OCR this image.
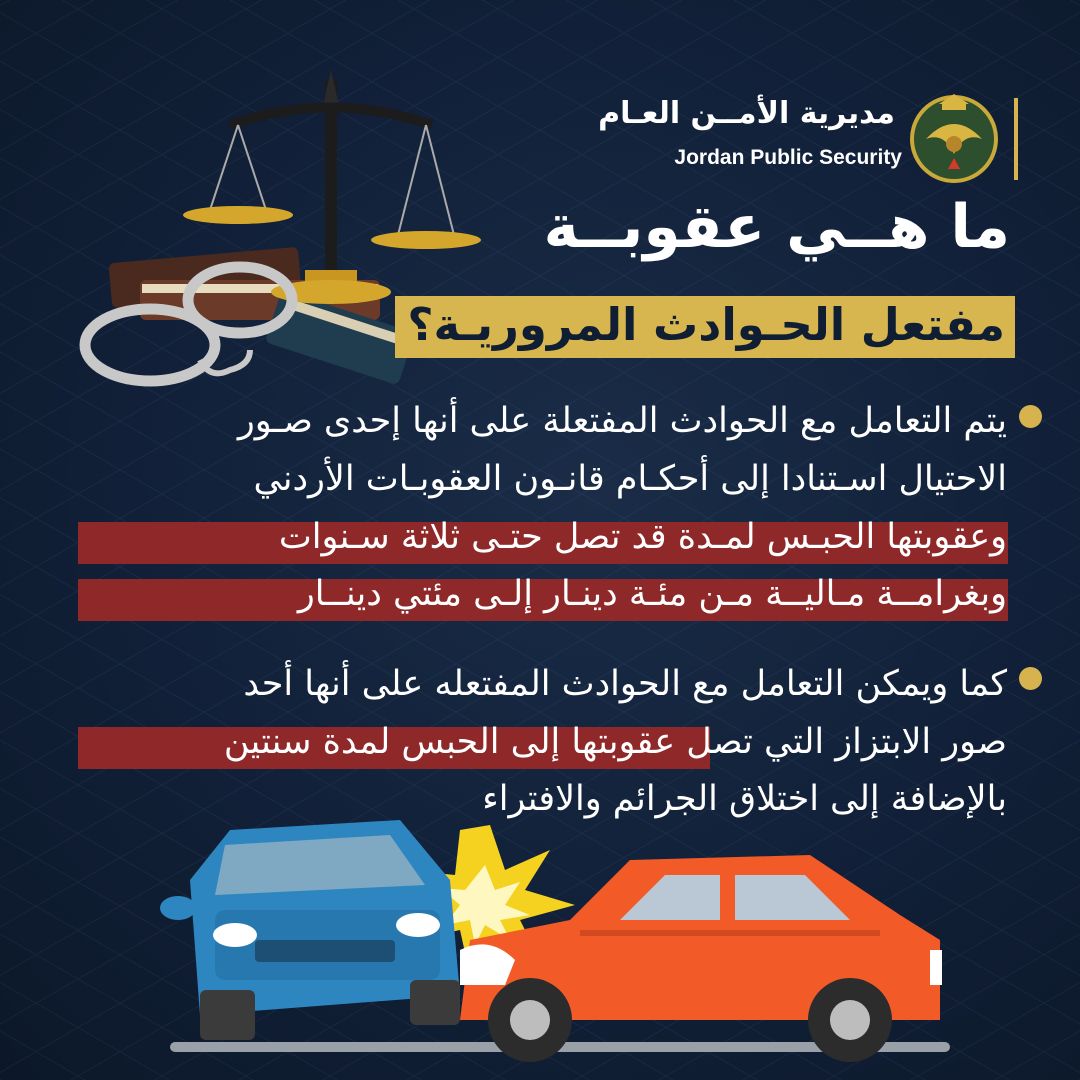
مديرية الأمــن العـام
Jordan Public Security
ما هــي عقوبــة
مفتعل الحـوادث المروريـة؟
يتم التعامل مع الحوادث المفتعلة على أنها إحدى صـور
الاحتيال اسـتنادا إلى أحكـام قانـون العقوبـات الأردني
وعقوبتها الحبـس لمـدة قد تصل حتـى ثلاثة سـنوات
وبغرامــة مـاليــة مـن مئـة دينـار إلـى مئتي دينــار
كما ويمكن التعامل مع الحوادث المفتعله على أنها أحد
صور الابتزاز التي تصل عقوبتها إلى الحبس لمدة سنتين
بالإضافة إلى اختلاق الجرائم والافتراء
